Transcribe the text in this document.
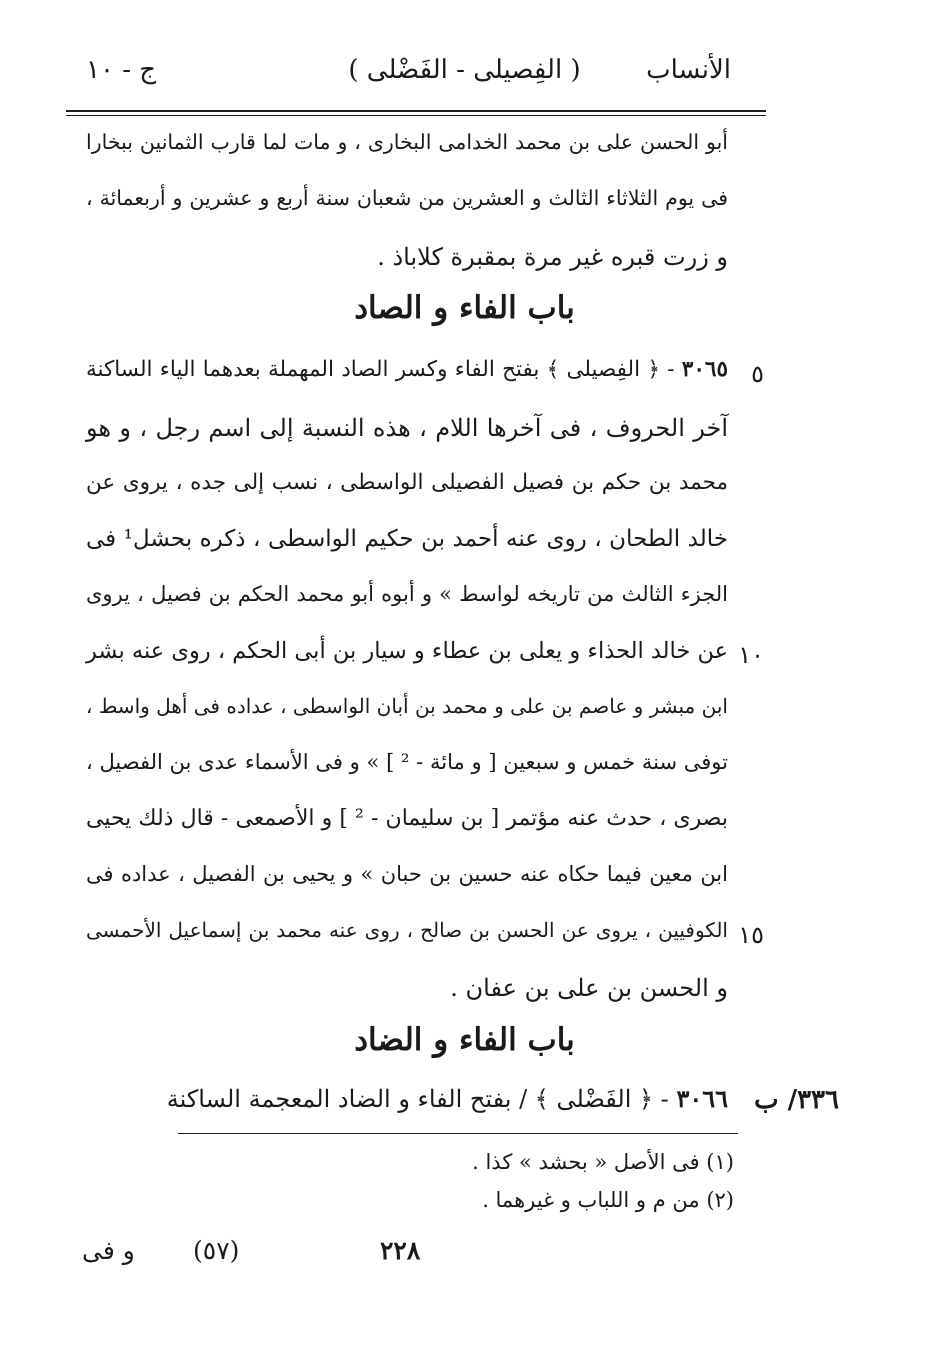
الأنساب
( الفِصيلى - الفَضْلى )
ج - ١٠
أبو الحسن على بن محمد الخدامى البخارى ، و مات لما قارب الثمانين ببخارا
فى يوم الثلاثاء الثالث و العشرين من شعبان سنة أربع و عشرين و أربعمائة ،
و زرت قبره غير مرة بمقبرة كلاباذ .
باب الفاء و الصاد
٥
٣٠٦٥ - ﴿ الفِصيلى ﴾ بفتح الفاء وكسر الصاد المهملة بعدهما الياء الساكنة
آخر الحروف ، فى آخرها اللام ، هذه النسبة إلى اسم رجل ، و هو
محمد بن حكم بن فصيل الفصيلى الواسطى ، نسب إلى جده ، يروى عن
خالد الطحان ، روى عنه أحمد بن حكيم الواسطى ، ذكره بحشل¹ فى
الجزء الثالث من تاريخه لواسط » و أبوه أبو محمد الحكم بن فصيل ، يروى
١٠
عن خالد الحذاء و يعلى بن عطاء و سيار بن أبى الحكم ، روى عنه بشر
ابن مبشر و عاصم بن على و محمد بن أبان الواسطى ، عداده فى أهل واسط ،
توفى سنة خمس و سبعين [ و مائة - ² ] » و فى الأسماء عدى بن الفصيل ،
بصرى ، حدث عنه مؤتمر [ بن سليمان - ² ] و الأصمعى - قال ذلك يحيى
ابن معين فيما حكاه عنه حسين بن حبان » و يحيى بن الفصيل ، عداده فى
١٥
الكوفيين ، يروى عن الحسن بن صالح ، روى عنه محمد بن إسماعيل الأحمسى
و الحسن بن على بن عفان .
باب الفاء و الضاد
٣٣٦/ ب
٣٠٦٦ - ﴿ الفَضْلى ﴾ / بفتح الفاء و الضاد المعجمة الساكنة
(١) فى الأصل « بحشد » كذا .
(٢) من م و اللباب و غيرهما .
و فى (٥٧)	٢٢٨
